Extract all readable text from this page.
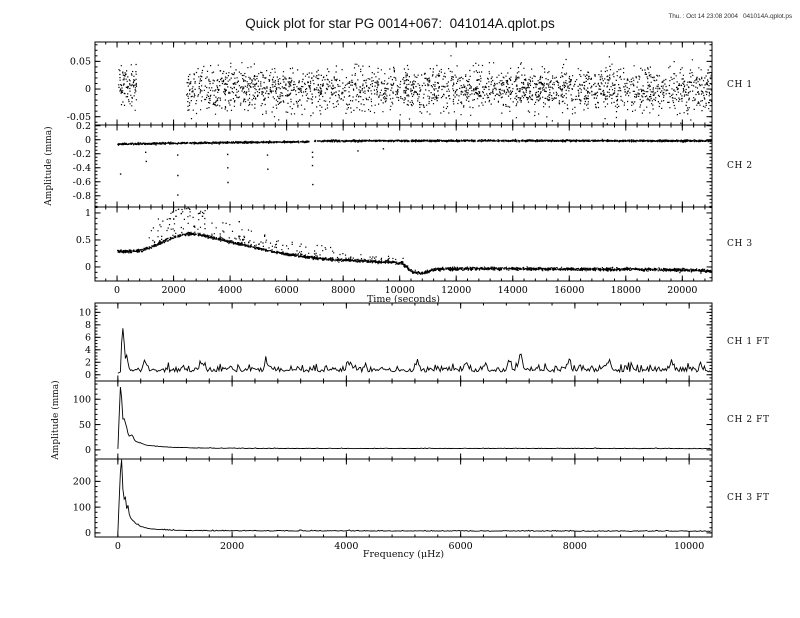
Quick plot for star PG 0014+067:  041014A.qplot.ps	Thu. : Oct 14 23:08 2004   041014A.qplot.ps
-0.05
0
0.05
-0.8
-0.6
-0.4
-0.2
0
0.2
0
0.5
1
0	2000	4000	6000	8000	10000	12000	14000	16000	18000	20000
0
2
4
6
8
10
0
50
100
0
100
200
0	2000	4000	6000	8000	10000
Amplitude (mma)
Amplitude (mma)
Time (seconds)
Frequency (μHz)
CH 1
CH 2
CH 3
CH 1 FT
CH 2 FT
CH 3 FT
